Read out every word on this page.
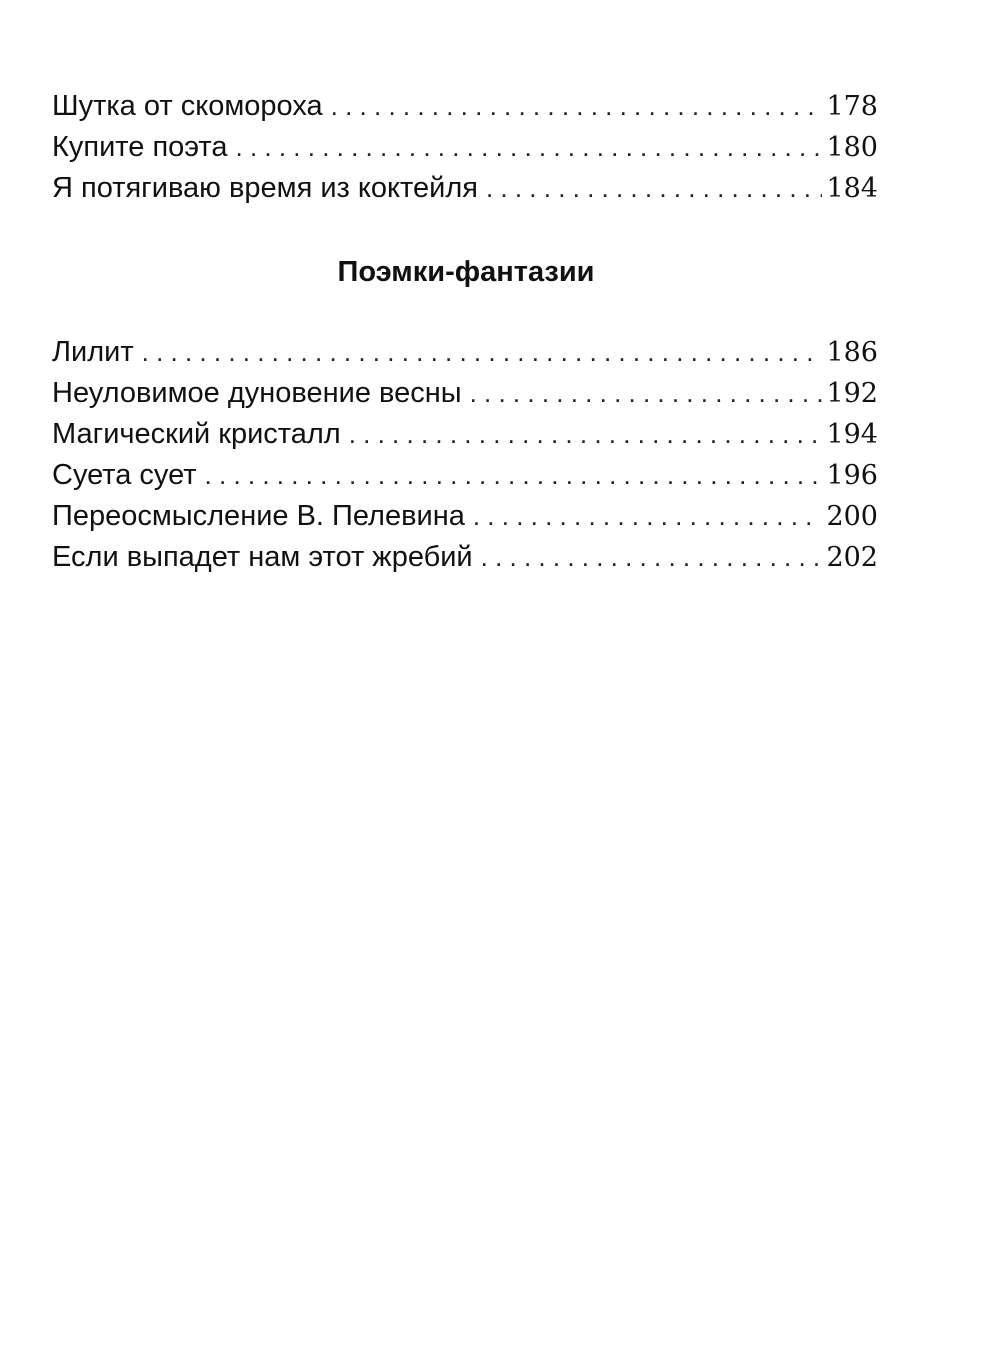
Шутка от скомороха . . .	178
Купите поэта . . .	180
Я потягиваю время из коктейля . . .	184
Поэмки-фантазии
Лилит . . .	186
Неуловимое дуновение весны . . .	192
Магический кристалл . . .	194
Суета сует . . .	196
Переосмысление В. Пелевина . . .	200
Если выпадет нам этот жребий . . .	202
